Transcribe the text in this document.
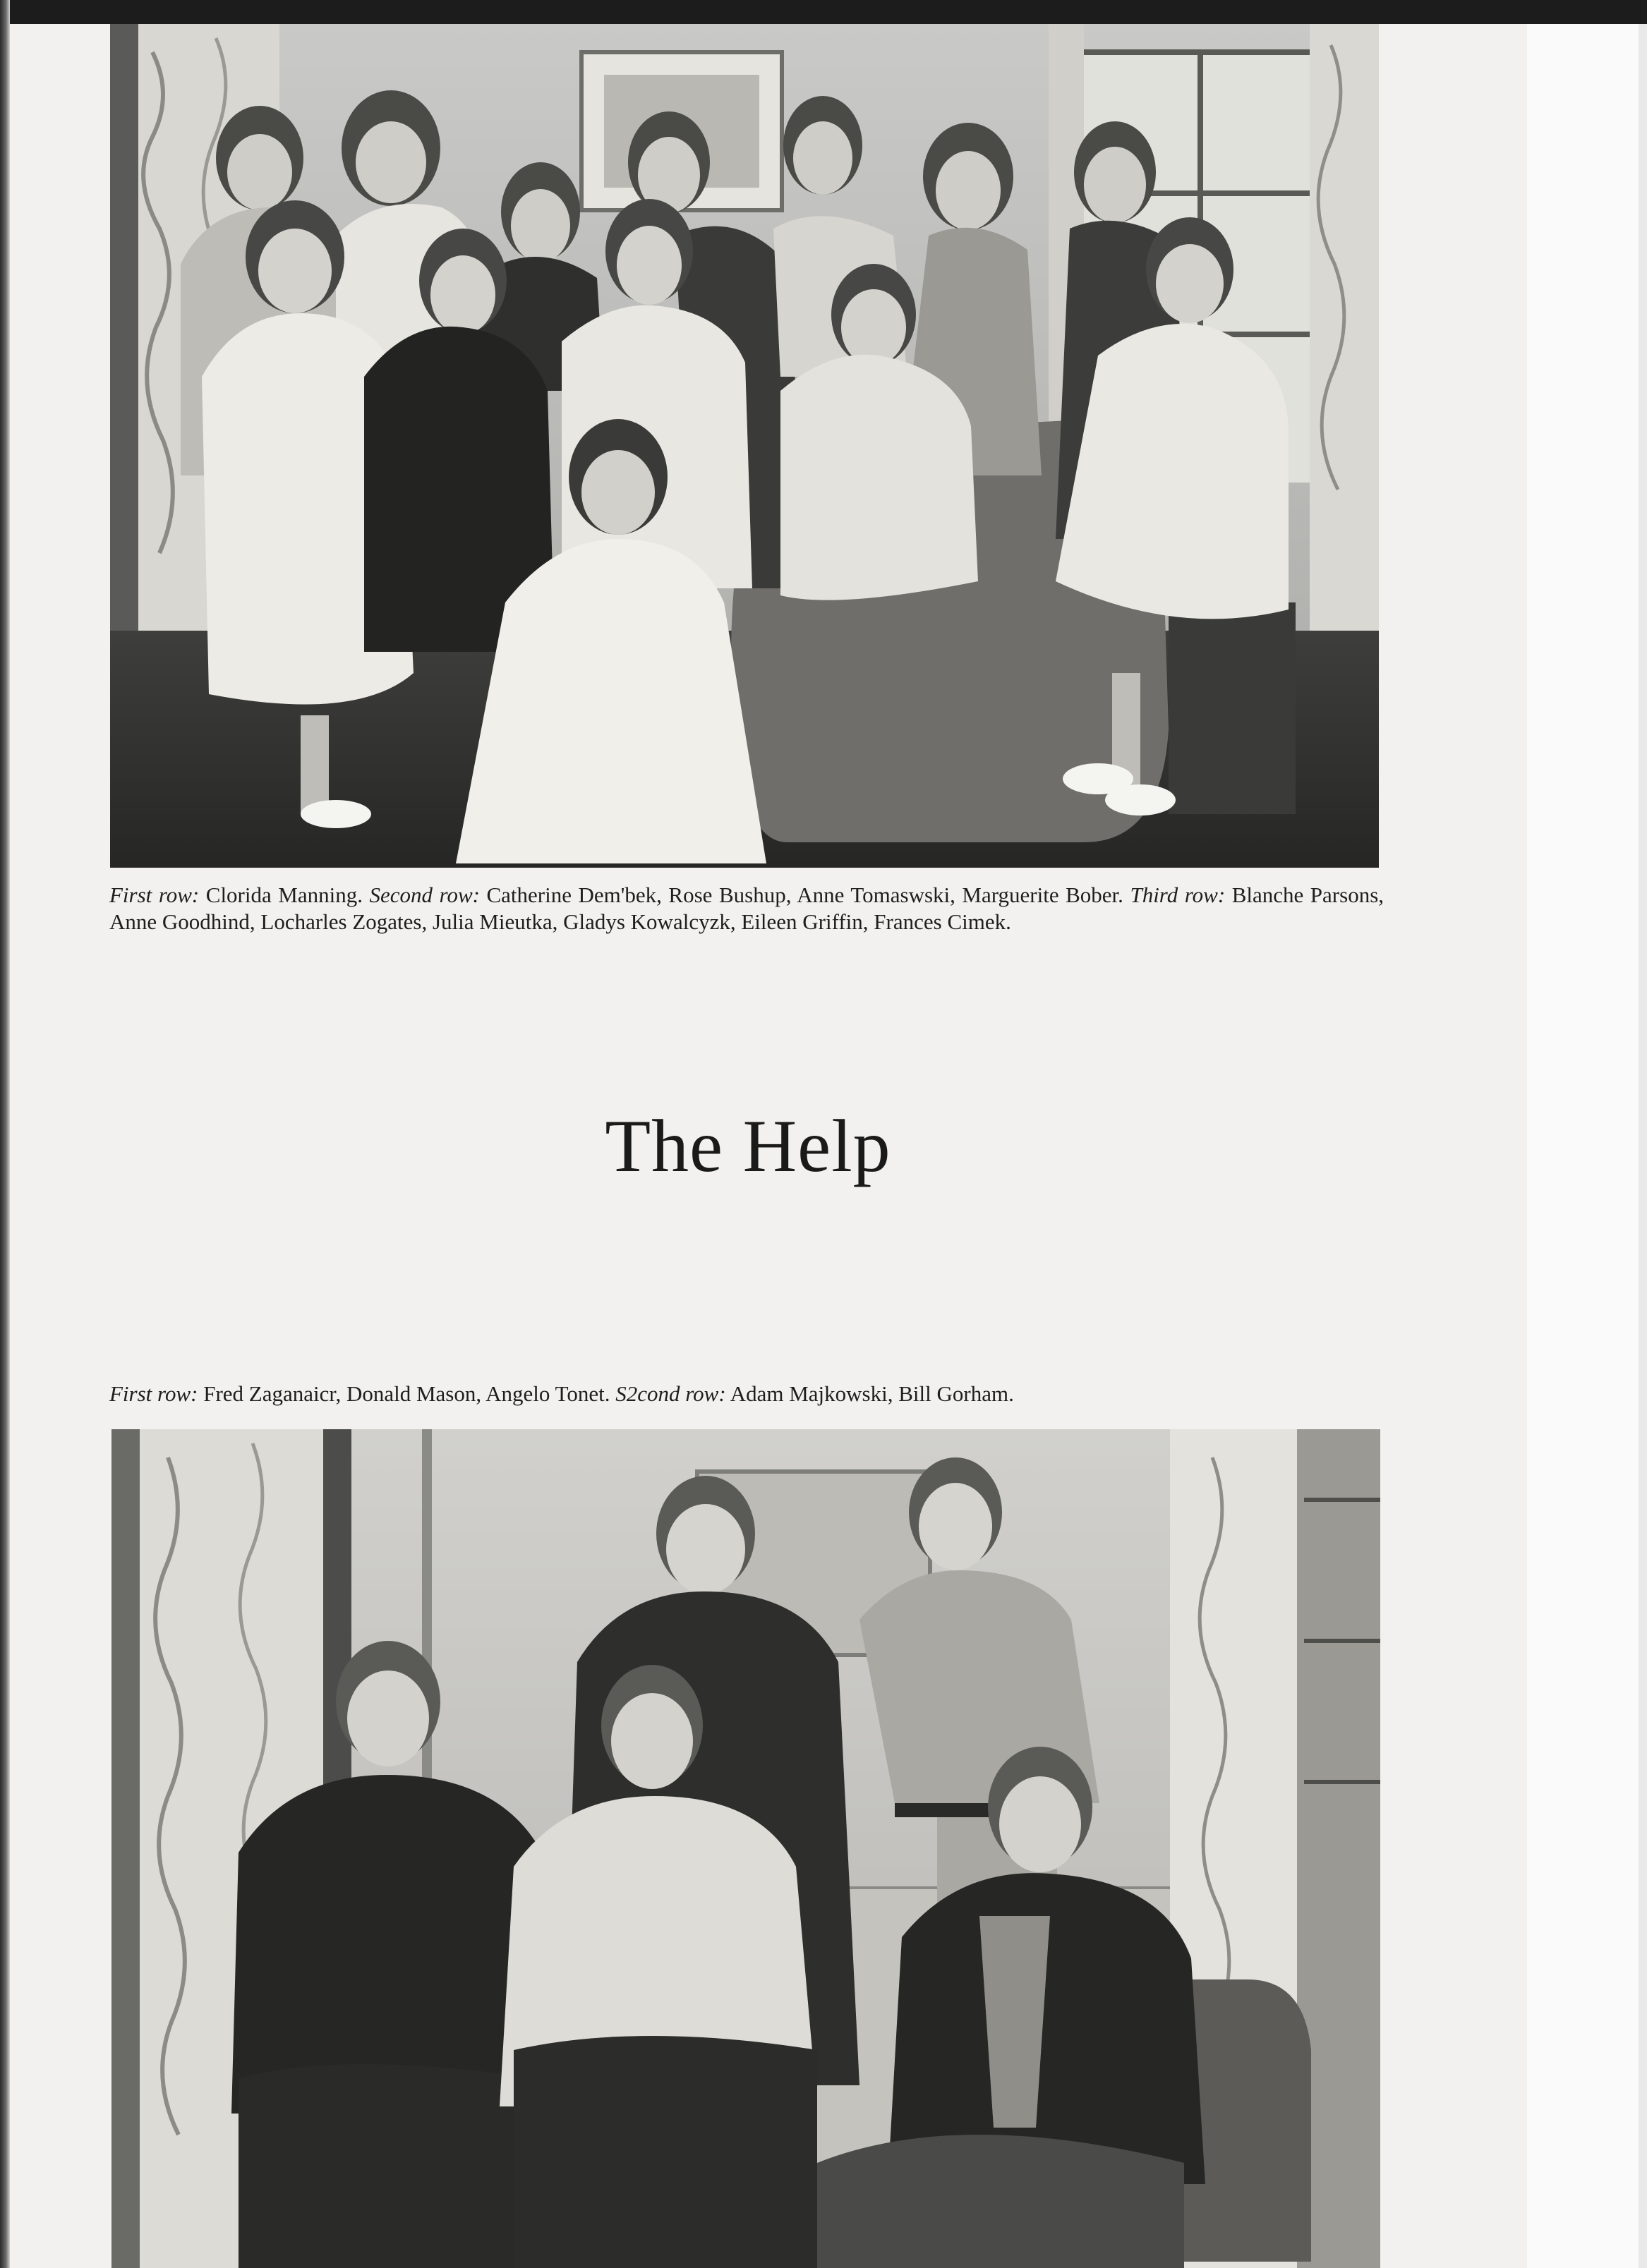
First row: Clorida Manning. Second row: Catherine Dem'bek, Rose Bushup, Anne Tomaswski, Marguerite Bober. Third row: Blanche Parsons, Anne Goodhind, Locharles Zogates, Julia Mieutka, Gladys Kowalcyzk, Eileen Griffin, Frances Cimek.
The Help
First row: Fred Zaganaicr, Donald Mason, Angelo Tonet. S2cond row: Adam Majkowski, Bill Gorham.
